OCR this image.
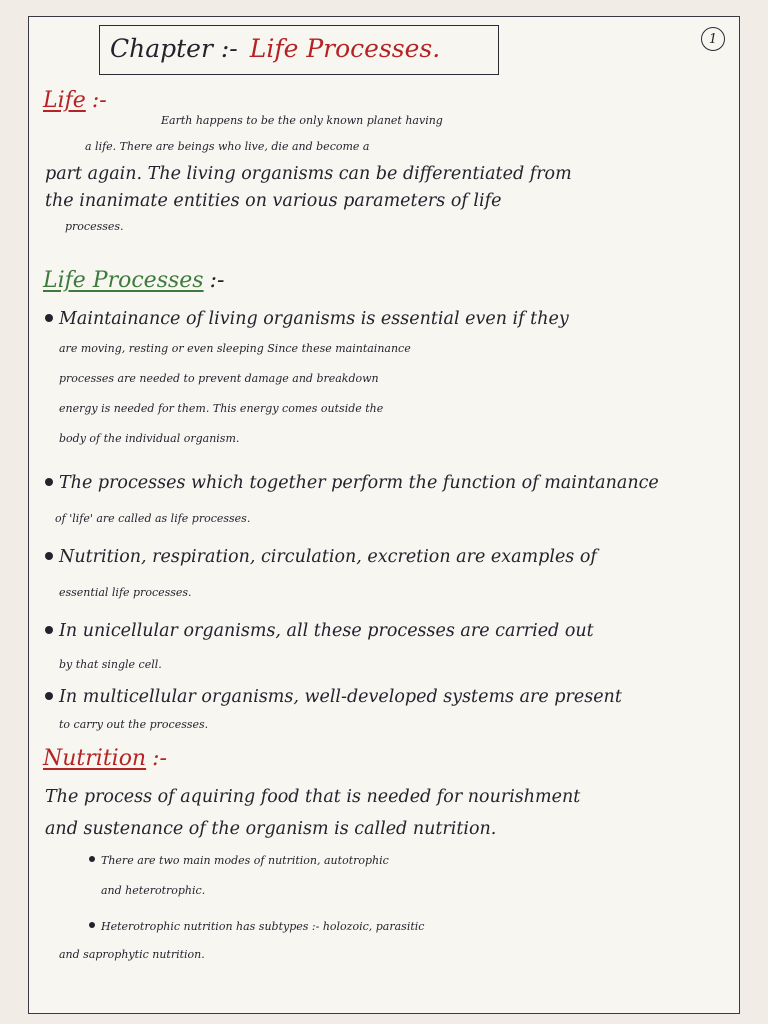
Chapter :- Life Processes.	1
Life :-
Earth happens to be the only known planet having
a life. There are beings who live, die and become a
part again. The living organisms can be differentiated from
the inanimate entities on various parameters of life
processes.
Life Processes :-
Maintainance of living organisms is essential even if they
are moving, resting or even sleeping Since these maintainance
processes are needed to prevent damage and breakdown
energy is needed for them. This energy comes outside the
body of the individual organism.
The processes which together perform the function of maintanance
of 'life' are called as life processes.
Nutrition, respiration, circulation, excretion are examples of
essential life processes.
In unicellular organisms, all these processes are carried out
by that single cell.
In multicellular organisms, well-developed systems are present
to carry out the processes.
Nutrition :-
The process of aquiring food that is needed for nourishment
and sustenance of the organism is called nutrition.
There are two main modes of nutrition, autotrophic
and heterotrophic.
Heterotrophic nutrition has subtypes :- holozoic, parasitic
and saprophytic nutrition.
